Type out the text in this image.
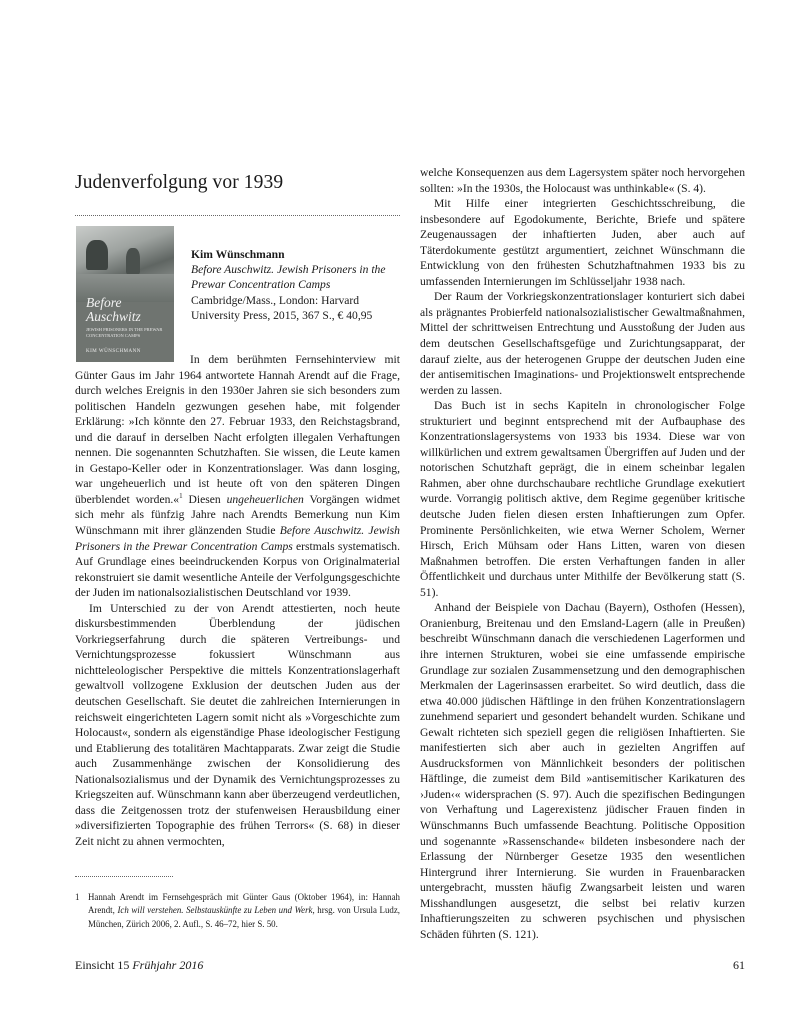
Judenverfolgung vor 1939
Before
Auschwitz
JEWISH PRISONERS IN THE PREWAR CONCENTRATION CAMPS
KIM WÜNSCHMANN
Kim Wünschmann
Before Auschwitz. Jewish Prisoners in the Prewar Concentration Camps
Cambridge/Mass., London: Harvard University Press, 2015, 367 S., € 40,95

In dem berühmten Fernsehinterview mit Günter Gaus im Jahr 1964 antwortete Hannah Arendt auf die Frage, durch welches Ereignis in den 1930er Jahren sie sich besonders zum politischen Handeln gezwungen gesehen habe, mit folgender Erklärung: »Ich könnte den 27. Februar 1933, den Reichstagsbrand, und die darauf in derselben Nacht erfolgten illegalen Verhaftungen nennen. Die sogenannten Schutzhaften. Sie wissen, die Leute kamen in Gestapo-Keller oder in Konzentrationslager. Was dann losging, war ungeheuerlich und ist heute oft von den späteren Dingen überblendet worden.«$^1$ Diesen ungeheuerlichen Vorgängen widmet sich mehr als fünfzig Jahre nach Arendts Bemerkung nun Kim Wünschmann mit ihrer glänzenden Studie Before Auschwitz. Jewish Prisoners in the Prewar Concentration Camps erstmals systematisch. Auf Grundlage eines beeindruckenden Korpus von Originalmaterial rekonstruiert sie damit wesentliche Anteile der Verfolgungsgeschichte der Juden im nationalsozialistischen Deutschland vor 1939.

Im Unterschied zu der von Arendt attestierten, noch heute diskursbestimmenden Überblendung der jüdischen Vorkriegserfahrung durch die späteren Vertreibungs- und Vernichtungsprozesse fokussiert Wünschmann aus nichtteleologischer Perspektive die mittels Konzentrationslagerhaft gewaltvoll vollzogene Exklusion der deutschen Juden aus der deutschen Gesellschaft. Sie deutet die zahlreichen Internierungen in reichsweit eingerichteten Lagern somit nicht als »Vorgeschichte zum Holocaust«, sondern als eigenständige Phase ideologischer Festigung und Etablierung des totalitären Machtapparats. Zwar zeigt die Studie auch Zusammenhänge zwischen der Konsolidierung des Nationalsozialismus und der Dynamik des Vernichtungsprozesses zu Kriegszeiten auf. Wünschmann kann aber überzeugend verdeutlichen, dass die Zeitgenossen trotz der stufenweisen Herausbildung einer »diversifizierten Topographie des frühen Terrors« (S. 68) in dieser Zeit nicht zu ahnen vermochten,

welche Konsequenzen aus dem Lagersystem später noch hervorgehen sollten: »In the 1930s, the Holocaust was unthinkable« (S. 4).

Mit Hilfe einer integrierten Geschichtsschreibung, die insbesondere auf Egodokumente, Berichte, Briefe und spätere Zeugenaussagen der inhaftierten Juden, aber auch auf Täterdokumente gestützt argumentiert, zeichnet Wünschmann die Entwicklung von den frühesten Schutzhaftnahmen 1933 bis zu umfassenden Internierungen im Schlüsseljahr 1938 nach.

Der Raum der Vorkriegskonzentrationslager konturiert sich dabei als prägnantes Probierfeld nationalsozialistischer Gewaltmaßnahmen, Mittel der schrittweisen Entrechtung und Ausstoßung der Juden aus dem deutschen Gesellschaftsgefüge und Zurichtungsapparat, der darauf zielte, aus der heterogenen Gruppe der deutschen Juden eine der antisemitischen Imaginations- und Projektionswelt entsprechende werden zu lassen.

Das Buch ist in sechs Kapiteln in chronologischer Folge strukturiert und beginnt entsprechend mit der Aufbauphase des Konzentrationslagersystems von 1933 bis 1934. Diese war von willkürlichen und extrem gewaltsamen Übergriffen auf Juden und der notorischen Schutzhaft geprägt, die in einem scheinbar legalen Rahmen, aber ohne durchschaubare rechtliche Grundlage exekutiert wurde. Vorrangig politisch aktive, dem Regime gegenüber kritische deutsche Juden fielen diesen ersten Inhaftierungen zum Opfer. Prominente Persönlichkeiten, wie etwa Werner Scholem, Werner Hirsch, Erich Mühsam oder Hans Litten, waren von diesen Maßnahmen betroffen. Die ersten Verhaftungen fanden in aller Öffentlichkeit und durchaus unter Mithilfe der Bevölkerung statt (S. 51).

Anhand der Beispiele von Dachau (Bayern), Osthofen (Hessen), Oranienburg, Breitenau und den Emsland-Lagern (alle in Preußen) beschreibt Wünschmann danach die verschiedenen Lagerformen und ihre internen Strukturen, wobei sie eine umfassende empirische Grundlage zur sozialen Zusammensetzung und den demographischen Merkmalen der Lagerinsassen erarbeitet. So wird deutlich, dass die etwa 40.000 jüdischen Häftlinge in den frühen Konzentrationslagern zunehmend separiert und gesondert behandelt wurden. Schikane und Gewalt richteten sich speziell gegen die religiösen Inhaftierten. Sie manifestierten sich aber auch in gezielten Angriffen auf Ausdrucksformen von Männlichkeit besonders der politischen Häftlinge, die zumeist dem Bild »antisemitischer Karikaturen des ›Juden‹« widersprachen (S. 97). Auch die spezifischen Bedingungen von Verhaftung und Lagerexistenz jüdischer Frauen finden in Wünschmanns Buch umfassende Beachtung. Politische Opposition und sogenannte »Rassenschande« bildeten insbesondere nach der Erlassung der Nürnberger Gesetze 1935 den wesentlichen Hintergrund ihrer Internierung. Sie wurden in Frauenbaracken untergebracht, mussten häufig Zwangsarbeit leisten und waren Misshandlungen ausgesetzt, die selbst bei relativ kurzen Inhaftierungszeiten zu schweren psychischen und physischen Schäden führten (S. 121).

1 Hannah Arendt im Fernsehgespräch mit Günter Gaus (Oktober 1964), in: Hannah Arendt, Ich will verstehen. Selbstauskünfte zu Leben und Werk, hrsg. von Ursula Ludz, München, Zürich 2006, 2. Aufl., S. 46–72, hier S. 50.
Einsicht 15 Frühjahr 2016	61
